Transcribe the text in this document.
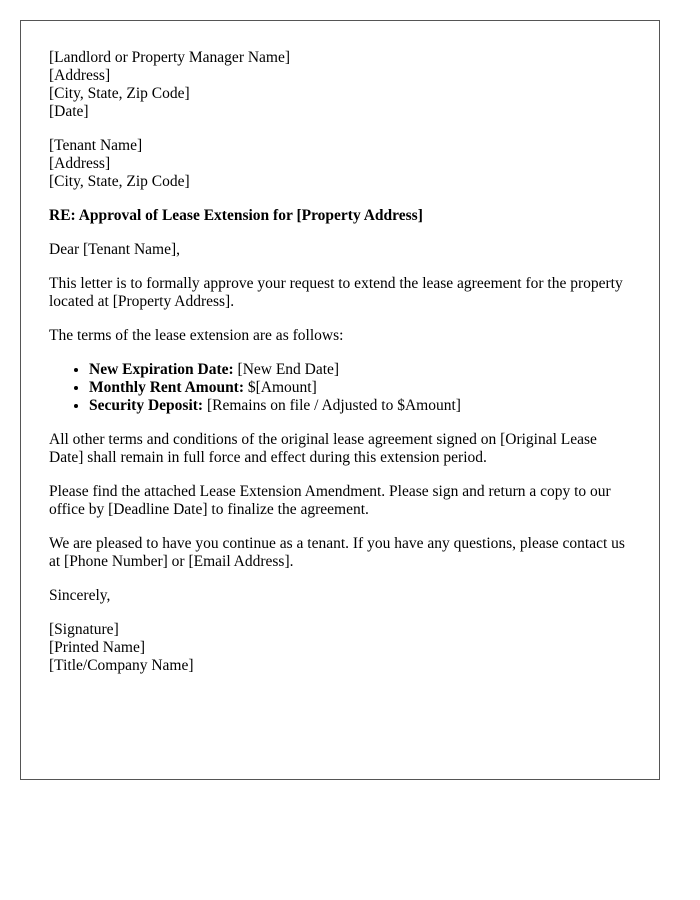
[Landlord or Property Manager Name]
[Address]
[City, State, Zip Code]
[Date]
[Tenant Name]
[Address]
[City, State, Zip Code]

RE: Approval of Lease Extension for [Property Address]

Dear [Tenant Name],

This letter is to formally approve your request to extend the lease agreement for the property located at [Property Address].

The terms of the lease extension are as follows:

• New Expiration Date: [New End Date]
• Monthly Rent Amount: $[Amount]
• Security Deposit: [Remains on file / Adjusted to $Amount]

All other terms and conditions of the original lease agreement signed on [Original Lease Date] shall remain in full force and effect during this extension period.

Please find the attached Lease Extension Amendment. Please sign and return a copy to our office by [Deadline Date] to finalize the agreement.

We are pleased to have you continue as a tenant. If you have any questions, please contact us at [Phone Number] or [Email Address].

Sincerely,

[Signature]
[Printed Name]
[Title/Company Name]
